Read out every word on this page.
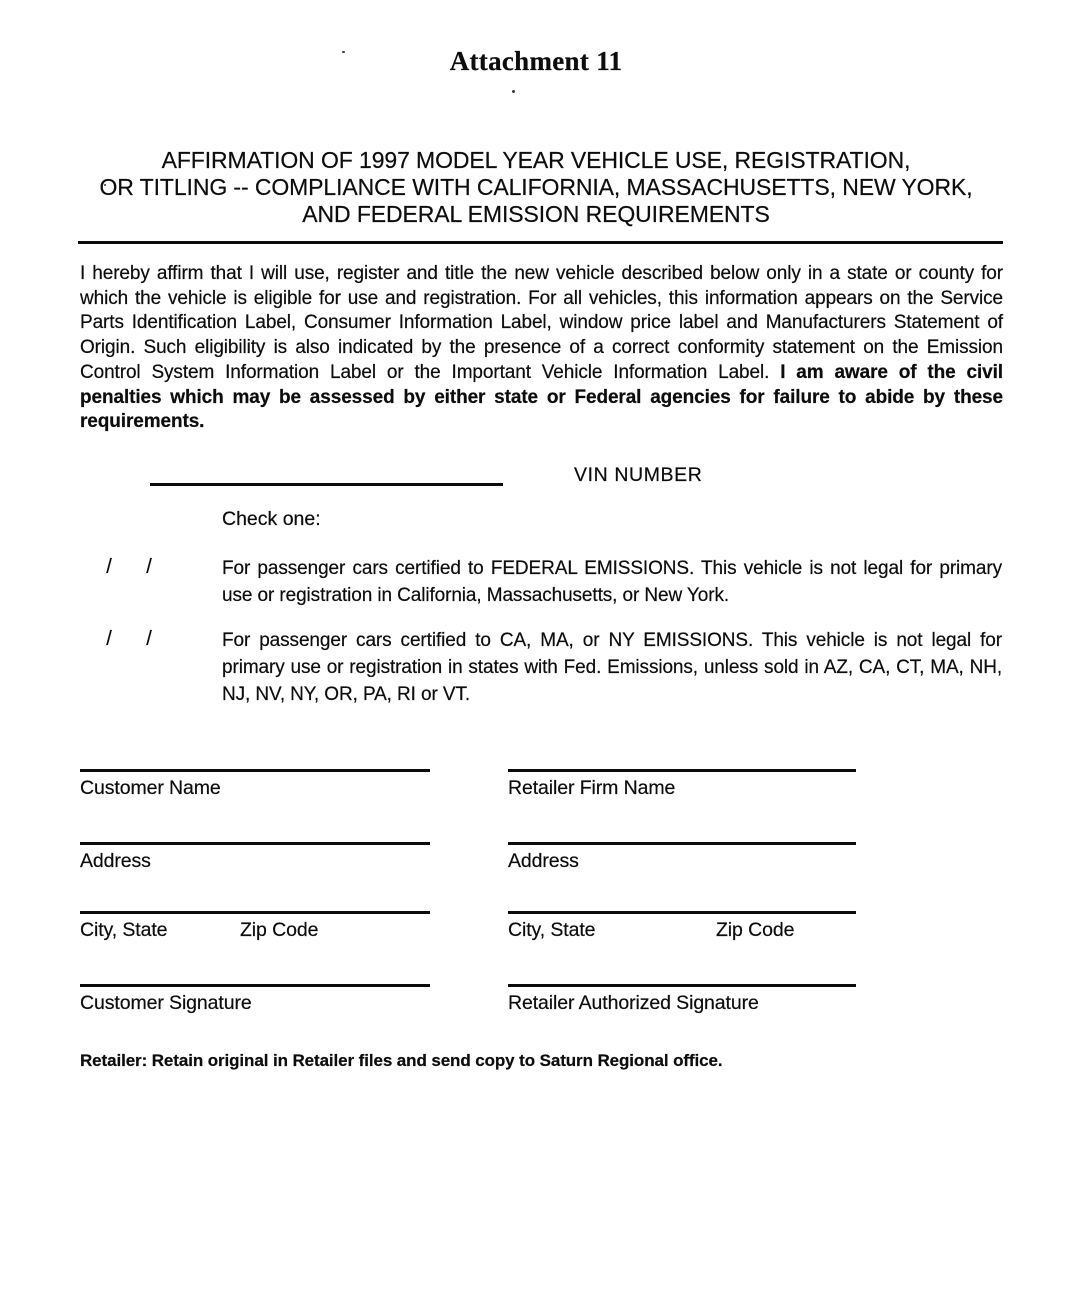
Attachment 11
AFFIRMATION OF 1997 MODEL YEAR VEHICLE USE, REGISTRATION,
OR TITLING -- COMPLIANCE WITH CALIFORNIA, MASSACHUSETTS, NEW YORK,
AND FEDERAL EMISSION REQUIREMENTS

I hereby affirm that I will use, register and title the new vehicle described below only in a state or county for which the vehicle is eligible for use and registration. For all vehicles, this information appears on the Service Parts Identification Label, Consumer Information Label, window price label and Manufacturers Statement of Origin. Such eligibility is also indicated by the presence of a correct conformity statement on the Emission Control System Information Label or the Important Vehicle Information Label. I am aware of the civil penalties which may be assessed by either state or Federal agencies for failure to abide by these requirements.

VIN NUMBER
Check one:
/	/	For passenger cars certified to FEDERAL EMISSIONS. This vehicle is not legal for primary use or registration in California, Massachusetts, or New York.
/	/	For passenger cars certified to CA, MA, or NY EMISSIONS. This vehicle is not legal for primary use or registration in states with Fed. Emissions, unless sold in AZ, CA, CT, MA, NH, NJ, NV, NY, OR, PA, RI or VT.
Customer Name
Address
City, State	Zip Code
Customer Signature
Retailer Firm Name
Address
City, State	Zip Code
Retailer Authorized Signature
Retailer: Retain original in Retailer files and send copy to Saturn Regional office.
